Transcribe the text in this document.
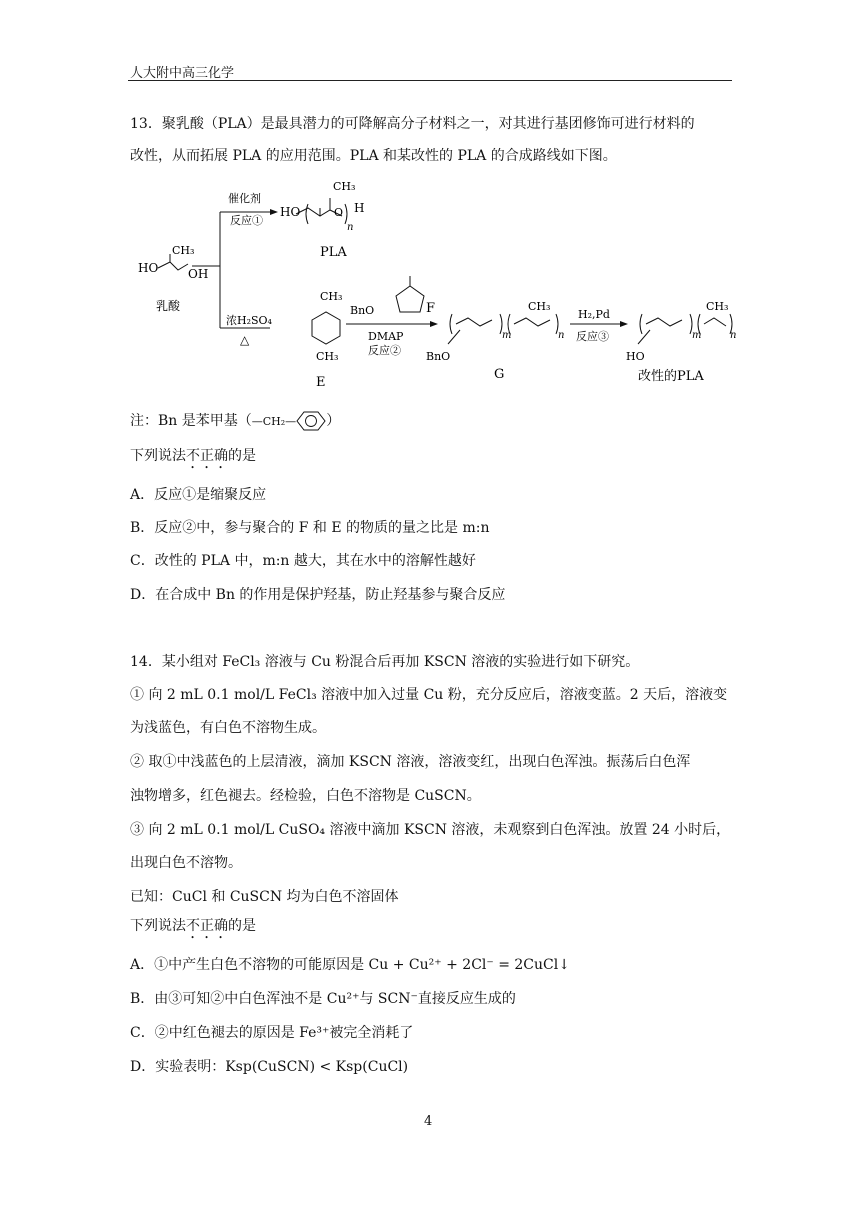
人大附中高三化学
13．聚乳酸（PLA）是最具潜力的可降解高分子材料之一，对其进行基团修饰可进行材料的
改性，从而拓展 PLA 的应用范围。PLA 和某改性的 PLA 的合成路线如下图。
HO OH
CH₃
乳酸
催化剂
反应①
HO
CH₃
O H
n
PLA
浓H₂SO₄
△
CH₃
CH₃
E
BnO	F
DMAP
反应② BnO
m	n
CH₃
G
H₂,Pd
反应③
HO
m	n
CH₃
改性的PLA
注：Bn 是苯甲基（—CH₂— ）
下列说法不正确的是
A．反应①是缩聚反应
B．反应②中，参与聚合的 F 和 E 的物质的量之比是 m:n
C．改性的 PLA 中，m:n 越大，其在水中的溶解性越好
D．在合成中 Bn 的作用是保护羟基，防止羟基参与聚合反应
14．某小组对 FeCl₃ 溶液与 Cu 粉混合后再加 KSCN 溶液的实验进行如下研究。
① 向 2 mL 0.1 mol/L FeCl₃ 溶液中加入过量 Cu 粉，充分反应后，溶液变蓝。2 天后，溶液变
为浅蓝色，有白色不溶物生成。
② 取①中浅蓝色的上层清液，滴加 KSCN 溶液，溶液变红，出现白色浑浊。振荡后白色浑
浊物增多，红色褪去。经检验，白色不溶物是 CuSCN。
③ 向 2 mL 0.1 mol/L CuSO₄ 溶液中滴加 KSCN 溶液，未观察到白色浑浊。放置 24 小时后，
出现白色不溶物。
已知：CuCl 和 CuSCN 均为白色不溶固体
下列说法不正确的是
A．①中产生白色不溶物的可能原因是 Cu + Cu²⁺ + 2Cl⁻ = 2CuCl↓
B．由③可知②中白色浑浊不是 Cu²⁺与 SCN⁻直接反应生成的
C．②中红色褪去的原因是 Fe³⁺被完全消耗了
D．实验表明：Ksp(CuSCN) < Ksp(CuCl)
4
